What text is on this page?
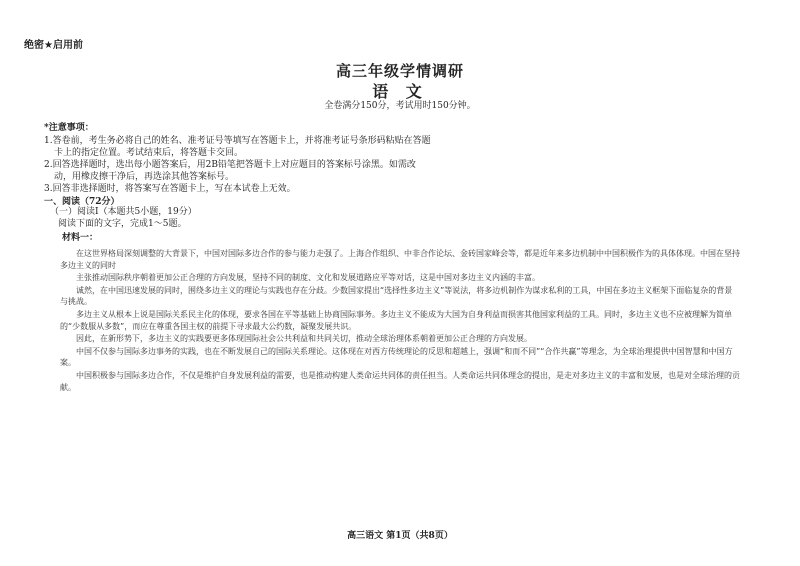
绝密★启用前
高三年级学情调研
语 文
全卷满分150分，考试用时150分钟。
*注意事项：
1.答卷前，考生务必将自己的姓名、准考证号等填写在答题卡上，并将准考证号条形码粘贴在答题
卡上的指定位置。考试结束后，将答题卡交回。
2.回答选择题时，选出每小题答案后，用2B铅笔把答题卡上对应题目的答案标号涂黑。如需改
动，用橡皮擦干净后，再选涂其他答案标号。
3.回答非选择题时，将答案写在答题卡上，写在本试卷上无效。
一、阅读（72分）
（一）阅读Ⅰ（本题共5小题，19分）
阅读下面的文字，完成1～5题。
材料一：

在这世界格局深刻调整的大背景下，中国对国际多边合作的参与能力走强了。上海合作组织、中非合作论坛、金砖国家峰会等，都是近年来多边机制中中国积极作为的具体体现。中国在坚持多边主义的同时

主张推动国际秩序朝着更加公正合理的方向发展，坚持不同的制度、文化和发展道路应平等对话，这是中国对多边主义内涵的丰富。

诚然，在中国迅速发展的同时，围绕多边主义的理论与实践也存在分歧。少数国家提出“选择性多边主义”等说法，将多边机制作为谋求私利的工具，中国在多边主义框架下面临复杂的背景与挑战。

多边主义从根本上说是国际关系民主化的体现，要求各国在平等基础上协商国际事务。多边主义不能成为大国为自身利益而损害其他国家利益的工具。同时，多边主义也不应被理解为简单的“少数服从多数”，而应在尊重各国主权的前提下寻求最大公约数，凝聚发展共识。

因此，在新形势下，多边主义的实践要更多体现国际社会公共利益和共同关切，推动全球治理体系朝着更加公正合理的方向发展。

中国不仅参与国际多边事务的实践，也在不断发展自己的国际关系理论。这体现在对西方传统理论的反思和超越上，强调“和而不同”“合作共赢”等理念，为全球治理提供中国智慧和中国方案。

中国积极参与国际多边合作，不仅是维护自身发展利益的需要，也是推动构建人类命运共同体的责任担当。人类命运共同体理念的提出，是走对多边主义的丰富和发展，也是对全球治理的贡献。

高三语文 第1页（共8页）
